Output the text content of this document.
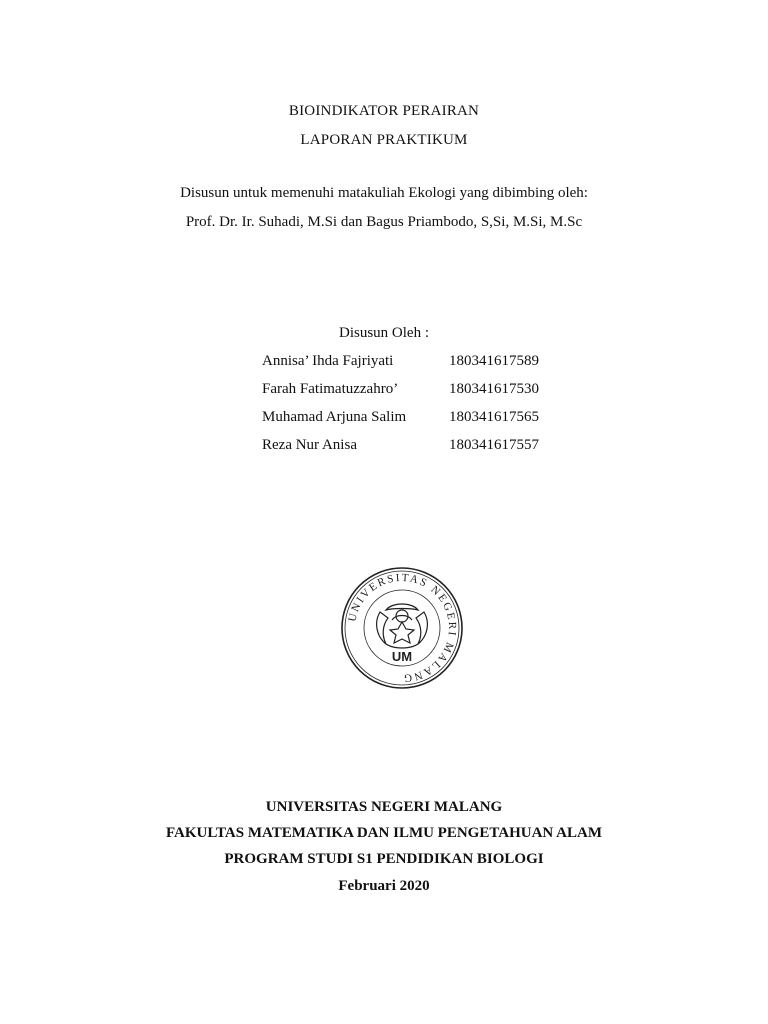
BIOINDIKATOR PERAIRAN
LAPORAN PRAKTIKUM
Disusun untuk memenuhi matakuliah Ekologi yang dibimbing oleh:
Prof. Dr. Ir. Suhadi, M.Si dan Bagus Priambodo, S,Si, M.Si, M.Sc
Disusun Oleh :
Annisa’ Ihda Fajriyati	180341617589
Farah Fatimatuzzahro’	180341617530
Muhamad Arjuna Salim	180341617565
Reza Nur Anisa	180341617557
UNIVERSITAS NEGERI MALANG
UM
UNIVERSITAS NEGERI MALANG
FAKULTAS MATEMATIKA DAN ILMU PENGETAHUAN ALAM
PROGRAM STUDI S1 PENDIDIKAN BIOLOGI
Februari 2020
